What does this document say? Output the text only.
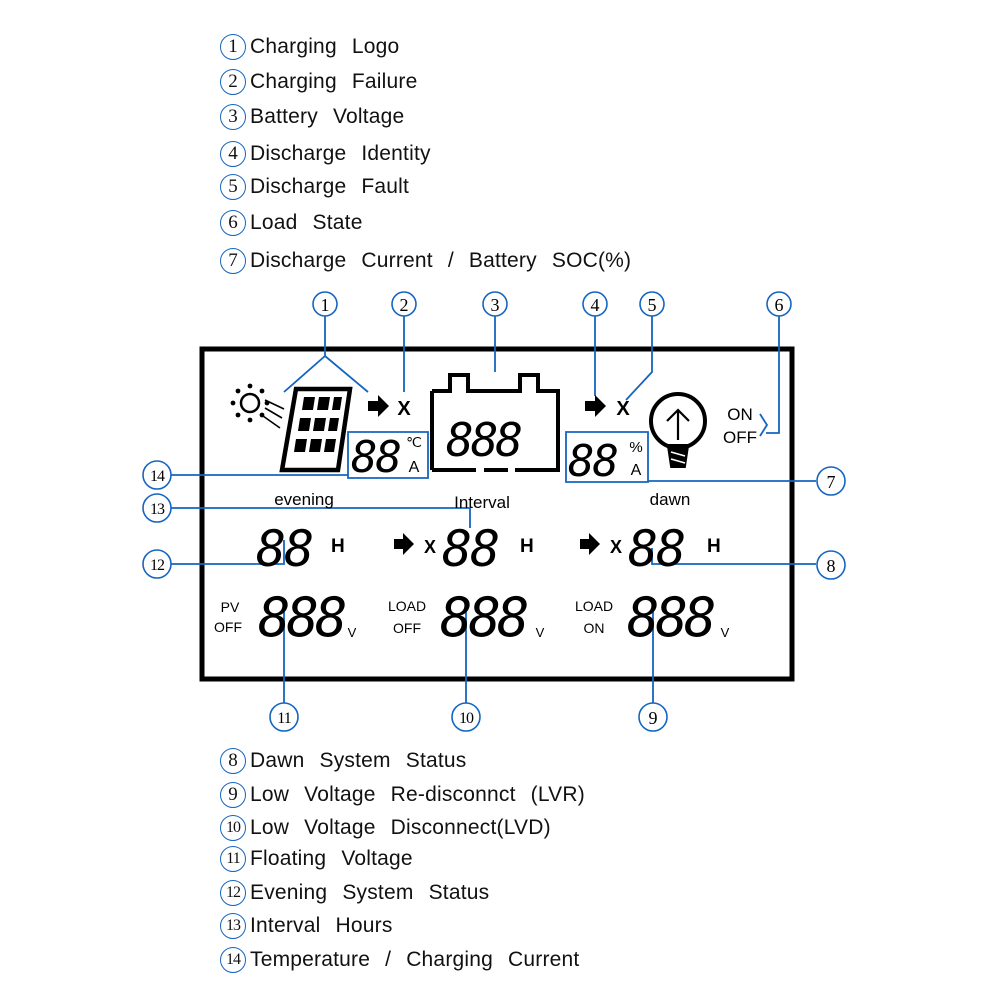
1 Charging Logo
2 Charging Failure
3 Battery Voltage
4 Discharge Identity
5 Discharge Fault
6 Load State
7 Discharge Current / Battery SOC(%)
8 Dawn System Status
9 Low Voltage Re-disconnct (LVR)
10 Low Voltage Disconnect(LVD)
11 Floating Voltage
12 Evening System Status
13 Interval Hours
14 Temperature / Charging Current
1	2	3	4	5	6
7
8
9
10
11
12
13
14
X
88 ℃
A
888
X
88 %
A
ON
OFF
evening	Interval	dawn
88 H	X 88 H	X 88 H
PV
OFF 888 V
LOAD
OFF 888 V
LOAD
ON 888 V
